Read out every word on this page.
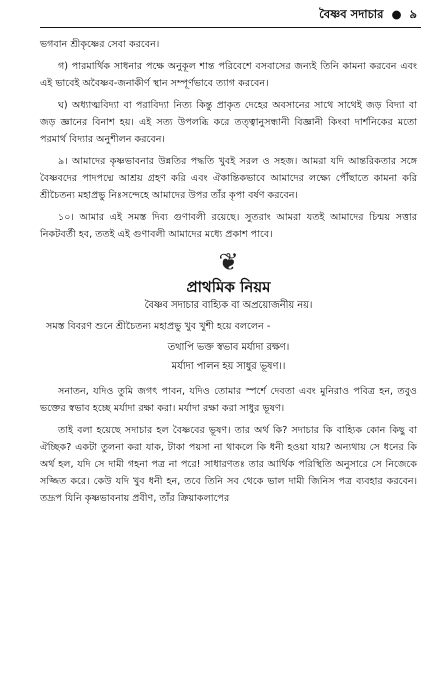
বৈষ্ণব সদাচার ● ৯

ভগবান শ্রীকৃষ্ণের সেবা করবেন।

গ) পারমার্থিক সাধনার পক্ষে অনুকূল শান্ত পরিবেশে বসবাসের জন্যই তিনি কামনা করবেন এবং এই ভাবেই অবৈষ্ণব-জনাকীর্ণ স্থান সম্পূর্ণভাবে ত্যাগ করবেন।

ঘ) অধ্যাত্মবিদ্যা বা পরাবিদ্যা নিত্য কিন্তু প্রাকৃত দেহের অবসানের সাথে সাথেই জড় বিদ্যা বা জড় জ্ঞানের বিনাশ হয়। এই সত্য উপলব্ধি করে তত্ত্বানুসন্ধানী বিজ্ঞানী কিংবা দার্শনিকের মতো পরমার্থ বিদ্যার অনুশীলন করবেন।

৯। আমাদের কৃষ্ণভাবনার উন্নতির পদ্ধতি খুবই সরল ও সহজ। আমরা যদি আন্তরিকতার সঙ্গে বৈষ্ণবদের পাদপদ্মে আশ্রয় গ্রহণ করি এবং ঐকান্তিকভাবে আমাদের লক্ষ্যে পৌঁছাতে কামনা করি শ্রীচৈতন্য মহাপ্রভু নিঃসন্দেহে আমাদের উপর তাঁর কৃপা বর্ষণ করবেন।

১০। আমার এই সমস্ত দিব্য গুণাবলী রয়েছে। সুতরাং আমরা যতই আমাদের চিন্ময় সত্তার নিকটবর্তী হব, ততই এই গুণাবলী আমাদের মধ্যে প্রকাশ পাবে।

❦
প্রাথমিক নিয়ম
বৈষ্ণব সদাচার বাহ্যিক বা অপ্রয়োজনীয় নয়।

সমস্ত বিবরণ শুনে শ্রীচৈতন্য মহাপ্রভু খুব খুশী হয়ে বললেন -

তথাপি ভক্ত স্বভাব মর্যাদা রক্ষণ।
মর্যাদা পালন হয় সাধুর ভূষণ।।

সনাতন, যদিও তুমি জগৎ পাবন, যদিও তোমার স্পর্শে দেবতা এবং মুনিরাও পবিত্র হন, তবুও ভক্তের স্বভাব হচ্ছে মর্যাদা রক্ষা করা। মর্যাদা রক্ষা করা সাধুর ভূষণ।

তাই বলা হয়েছে সদাচার হল বৈষ্ণবের ভূষণ। তার অর্থ কি? সদাচার কি বাহ্যিক কোন কিছু বা ঐচ্ছিক? একটা তুলনা করা যাক, টাকা পয়সা না থাকলে কি ধনী হওয়া যায়? অন্যথায় সে ধনের কি অর্থ হল, যদি সে দামী গহনা পত্র না পরে! সাধারণতঃ তার আর্থিক পরিস্থিতি অনুসারে সে নিজেকে সজ্জিত করে। কেউ যদি খুব ধনী হন, তবে তিনি সব থেকে ভাল দামী জিনিস পত্র ব্যবহার করবেন। তদ্রূপ যিনি কৃষ্ণভাবনায় প্রবীণ, তাঁর ক্রিয়াকলাপের
